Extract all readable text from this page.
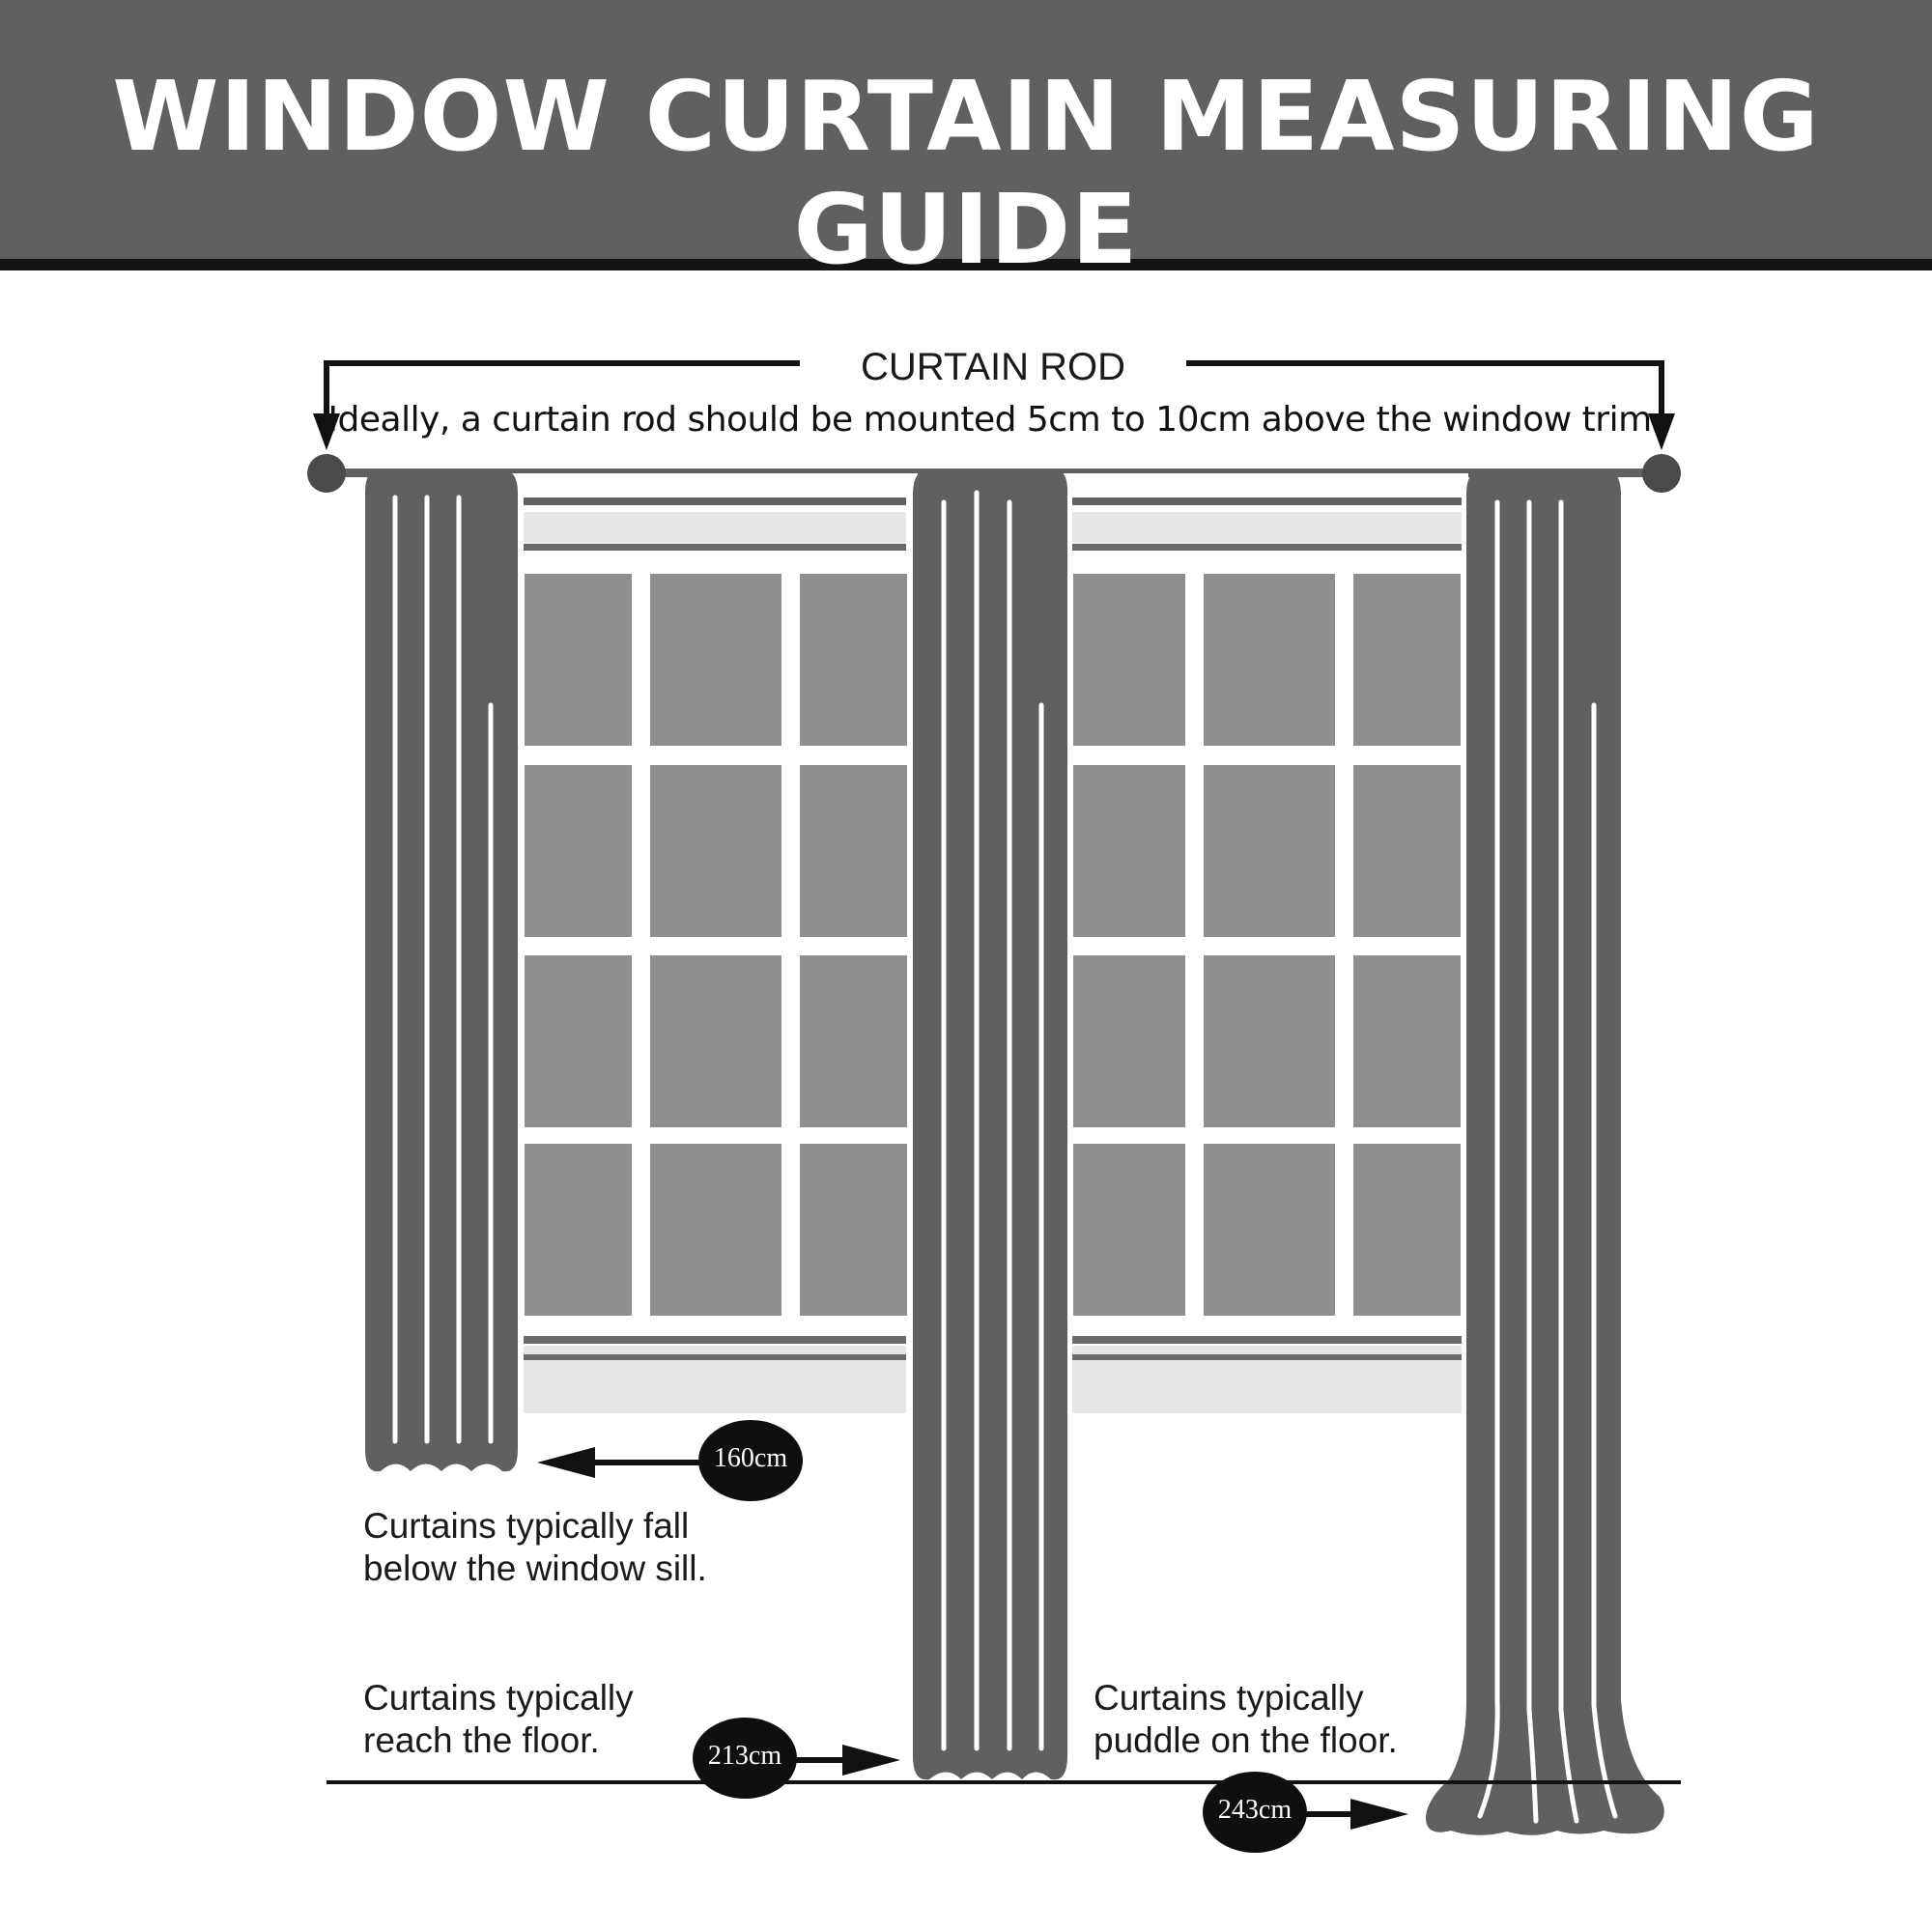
WINDOW CURTAIN MEASURING GUIDE
CURTAIN ROD
Ideally, a curtain rod should be mounted 5cm to 10cm above the window trim.
160cm
213cm
243cm
Curtains typically fall
below the window sill.
Curtains typically
reach the floor.
Curtains typically
puddle on the floor.
